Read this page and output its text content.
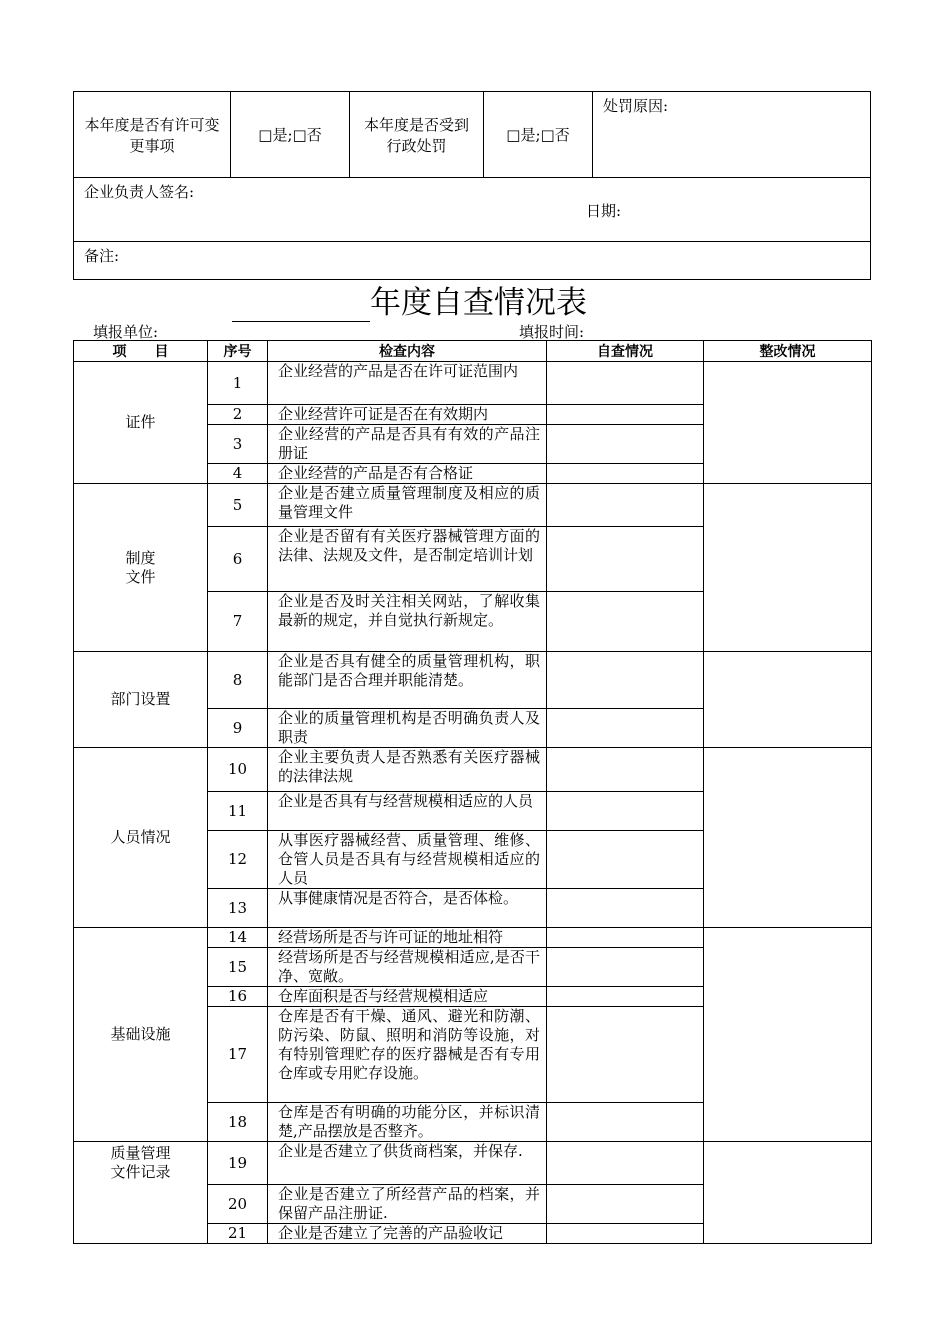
本年度是否有许可变更事项	□是;□否	本年度是否受到行政处罚	□是;□否	处罚原因:

企业负责人签名:
日期:

备注:
年度自查情况表
填报单位:	填报时间:
项　　目	序号	检查内容	自查情况	整改情况
证件	1	企业经营的产品是否在许可证范围内		
	2	企业经营许可证是否在有效期内		
	3	企业经营的产品是否具有有效的产品注册证		
	4	企业经营的产品是否有合格证		
制度文件	5	企业是否建立质量管理制度及相应的质量管理文件		
	6	企业是否留有有关医疗器械管理方面的法律、法规及文件，是否制定培训计划		
	7	企业是否及时关注相关网站，了解收集最新的规定，并自觉执行新规定。		
部门设置	8	企业是否具有健全的质量管理机构，职能部门是否合理并职能清楚。		
	9	企业的质量管理机构是否明确负责人及职责		
人员情况	10	企业主要负责人是否熟悉有关医疗器械的法律法规		
	11	企业是否具有与经营规模相适应的人员		
	12	从事医疗器械经营、质量管理、维修、仓管人员是否具有与经营规模相适应的人员		
	13	从事健康情况是否符合，是否体检。		
基础设施	14	经营场所是否与许可证的地址相符		
	15	经营场所是否与经营规模相适应,是否干净、宽敞。		
	16	仓库面积是否与经营规模相适应		
	17	仓库是否有干燥、通风、避光和防潮、防污染、防鼠、照明和消防等设施，对有特别管理贮存的医疗器械是否有专用仓库或专用贮存设施。		
	18	仓库是否有明确的功能分区，并标识清楚,产品摆放是否整齐。		
质量管理文件记录	19	企业是否建立了供货商档案，并保存.		
	20	企业是否建立了所经营产品的档案，并保留产品注册证.		
	21	企业是否建立了完善的产品验收记		
